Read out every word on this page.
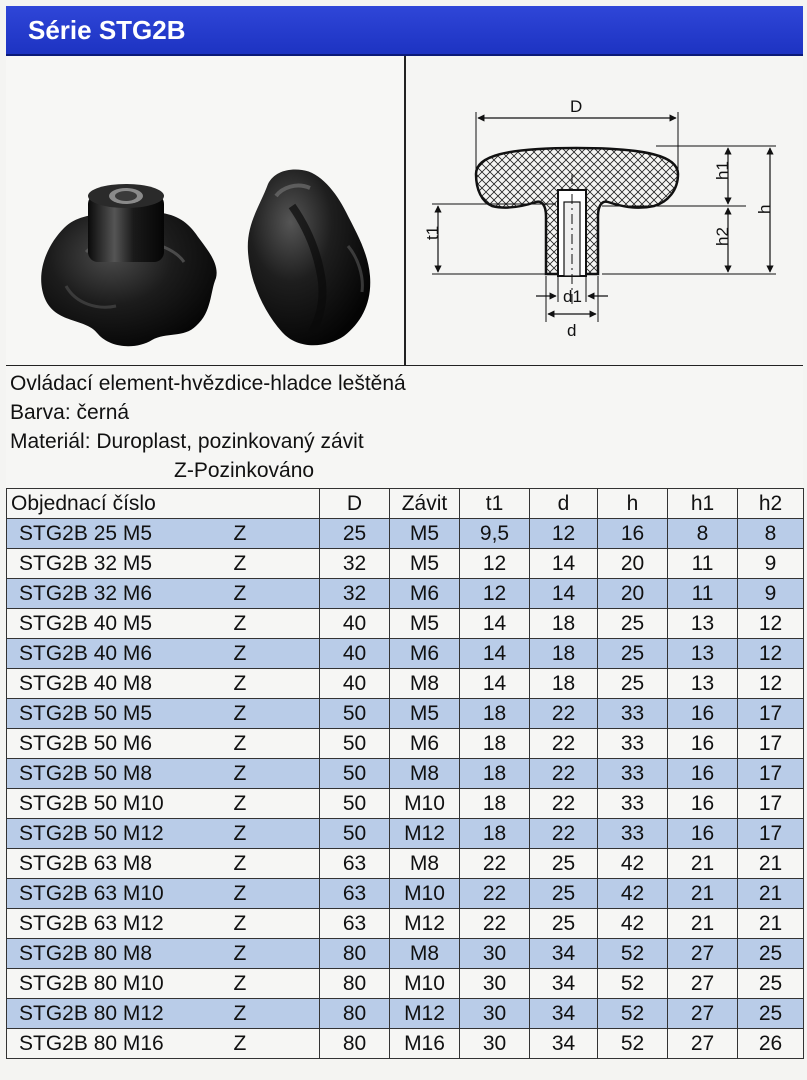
Série STG2B
D
h1
h
h2
t1
d1
d
Ovládací element-hvězdice-hladce leštěná
Barva: černá
Materiál: Duroplast, pozinkovaný závit
Z-Pozinkováno
Objednací číslo		D	Závit	t1	d	h	h1	h2
STG2B 25 M5	Z	25	M5	9,5	12	16	8	8
STG2B 32 M5	Z	32	M5	12	14	20	11	9
STG2B 32 M6	Z	32	M6	12	14	20	11	9
STG2B 40 M5	Z	40	M5	14	18	25	13	12
STG2B 40 M6	Z	40	M6	14	18	25	13	12
STG2B 40 M8	Z	40	M8	14	18	25	13	12
STG2B 50 M5	Z	50	M5	18	22	33	16	17
STG2B 50 M6	Z	50	M6	18	22	33	16	17
STG2B 50 M8	Z	50	M8	18	22	33	16	17
STG2B 50 M10	Z	50	M10	18	22	33	16	17
STG2B 50 M12	Z	50	M12	18	22	33	16	17
STG2B 63 M8	Z	63	M8	22	25	42	21	21
STG2B 63 M10	Z	63	M10	22	25	42	21	21
STG2B 63 M12	Z	63	M12	22	25	42	21	21
STG2B 80 M8	Z	80	M8	30	34	52	27	25
STG2B 80 M10	Z	80	M10	30	34	52	27	25
STG2B 80 M12	Z	80	M12	30	34	52	27	25
STG2B 80 M16	Z	80	M16	30	34	52	27	26
